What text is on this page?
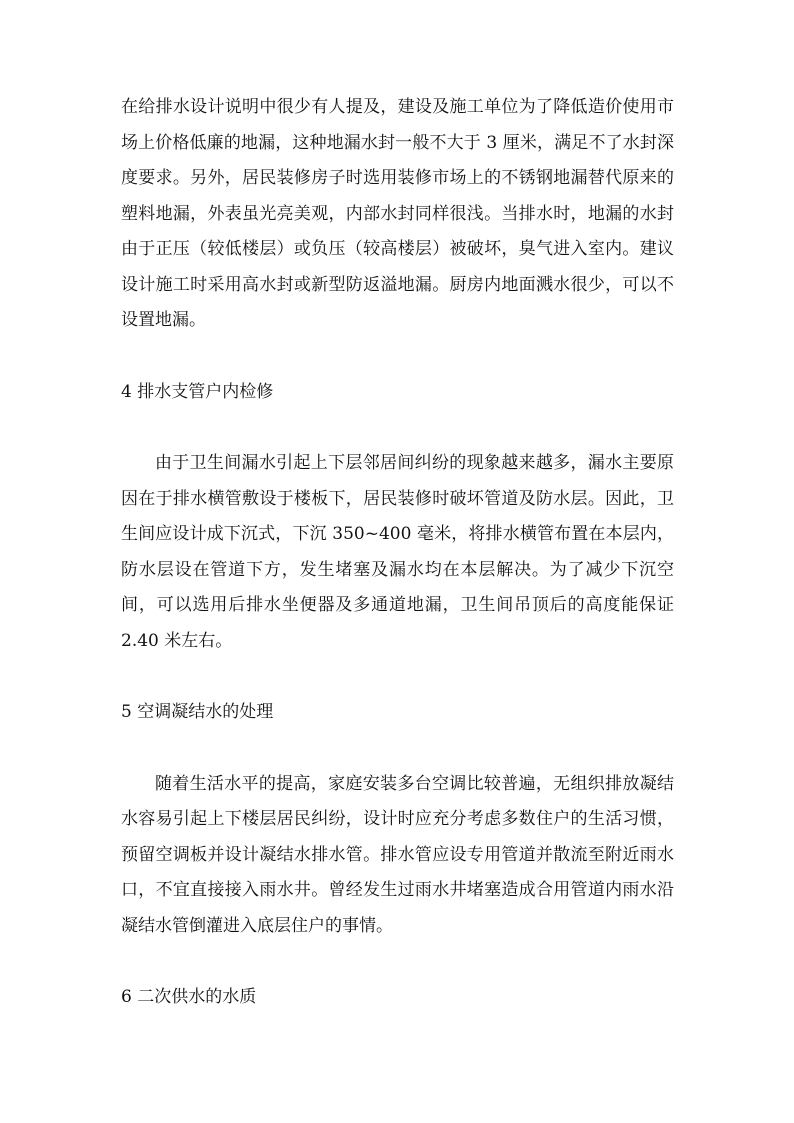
在给排水设计说明中很少有人提及，建设及施工单位为了降低造价使用市场上价格低廉的地漏，这种地漏水封一般不大于 3 厘米，满足不了水封深度要求。另外，居民装修房子时选用装修市场上的不锈钢地漏替代原来的塑料地漏，外表虽光亮美观，内部水封同样很浅。当排水时，地漏的水封由于正压（较低楼层）或负压（较高楼层）被破坏，臭气进入室内。建议设计施工时采用高水封或新型防返溢地漏。厨房内地面溅水很少，可以不设置地漏。

4 排水支管户内检修

由于卫生间漏水引起上下层邻居间纠纷的现象越来越多，漏水主要原因在于排水横管敷设于楼板下，居民装修时破坏管道及防水层。因此，卫生间应设计成下沉式，下沉 350~400 毫米，将排水横管布置在本层内，防水层设在管道下方，发生堵塞及漏水均在本层解决。为了减少下沉空间，可以选用后排水坐便器及多通道地漏，卫生间吊顶后的高度能保证 2.40 米左右。

5 空调凝结水的处理

随着生活水平的提高，家庭安装多台空调比较普遍，无组织排放凝结水容易引起上下楼层居民纠纷，设计时应充分考虑多数住户的生活习惯，预留空调板并设计凝结水排水管。排水管应设专用管道并散流至附近雨水口，不宜直接接入雨水井。曾经发生过雨水井堵塞造成合用管道内雨水沿凝结水管倒灌进入底层住户的事情。

6 二次供水的水质
